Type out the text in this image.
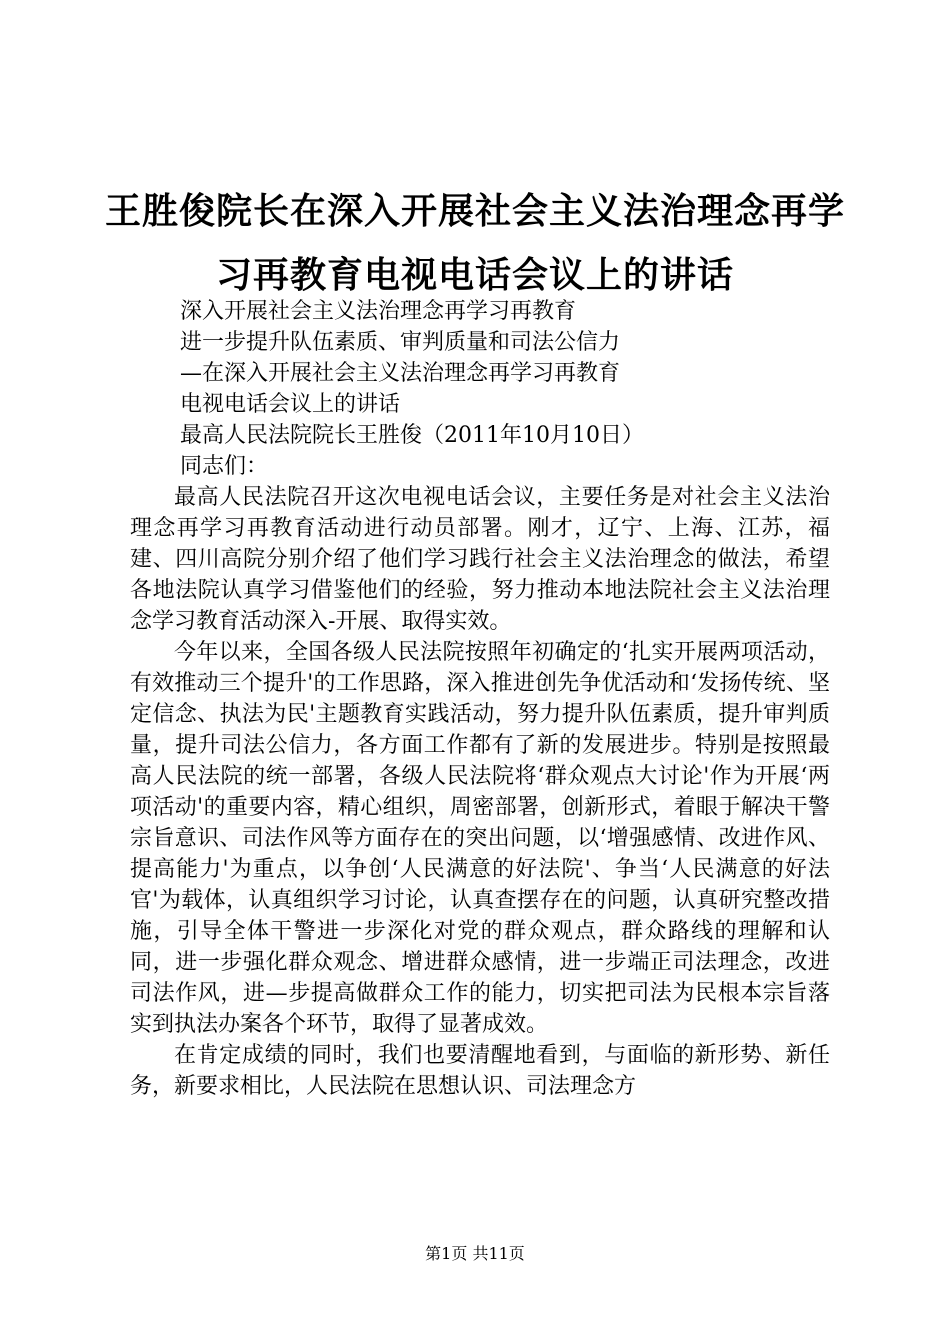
王胜俊院长在深入开展社会主义法治理念再学
习再教育电视电话会议上的讲话
深入开展社会主义法治理念再学习再教育
进一步提升队伍素质、审判质量和司法公信力
—在深入开展社会主义法治理念再学习再教育
电视电话会议上的讲话
最高人民法院院长王胜俊（2011年10月10日）
同志们：

最高人民法院召开这次电视电话会议，主要任务是对社会主义法治理念再学习再教育活动进行动员部署。刚才，辽宁、上海、江苏，福建、四川高院分别介绍了他们学习践行社会主义法治理念的做法，希望各地法院认真学习借鉴他们的经验，努力推动本地法院社会主义法治理念学习教育活动深入-开展、取得实效。

今年以来，全国各级人民法院按照年初确定的‘扎实开展两项活动，有效推动三个提升'的工作思路，深入推进创先争优活动和‘发扬传统、坚定信念、执法为民'主题教育实践活动，努力提升队伍素质，提升审判质量，提升司法公信力，各方面工作都有了新的发展进步。特别是按照最高人民法院的统一部署，各级人民法院将‘群众观点大讨论'作为开展‘两项活动'的重要内容，精心组织，周密部署，创新形式，着眼于解决干警宗旨意识、司法作风等方面存在的突出问题，以‘增强感情、改进作风、提高能力'为重点，以争创‘人民满意的好法院'、争当‘人民满意的好法官'为载体，认真组织学习讨论，认真查摆存在的问题，认真研究整改措施，引导全体干警进一步深化对党的群众观点，群众路线的理解和认同，进一步强化群众观念、增进群众感情，进一步端正司法理念，改进司法作风，进—步提高做群众工作的能力，切实把司法为民根本宗旨落实到执法办案各个环节，取得了显著成效。

在肯定成绩的同时，我们也要清醒地看到，与面临的新形势、新任务，新要求相比，人民法院在思想认识、司法理念方

第1页 共11页
